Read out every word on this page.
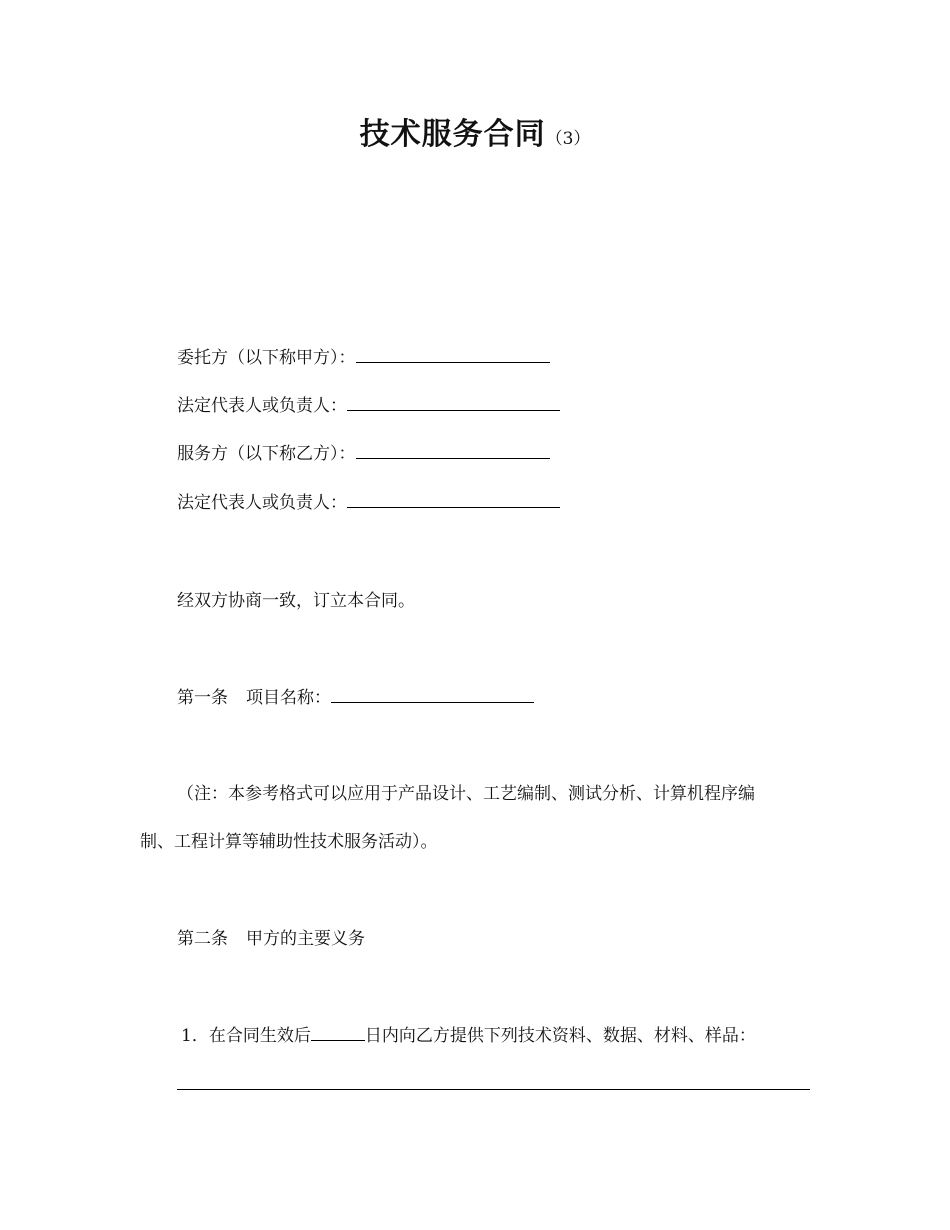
技术服务合同（3）
委托方（以下称甲方）：
法定代表人或负责人：
服务方（以下称乙方）：
法定代表人或负责人：
经双方协商一致，订立本合同。
第一条 项目名称：
（注：本参考格式可以应用于产品设计、工艺编制、测试分析、计算机程序编
制、工程计算等辅助性技术服务活动）。
第二条 甲方的主要义务
1．在合同生效后	日内向乙方提供下列技术资料、数据、材料、样品：
